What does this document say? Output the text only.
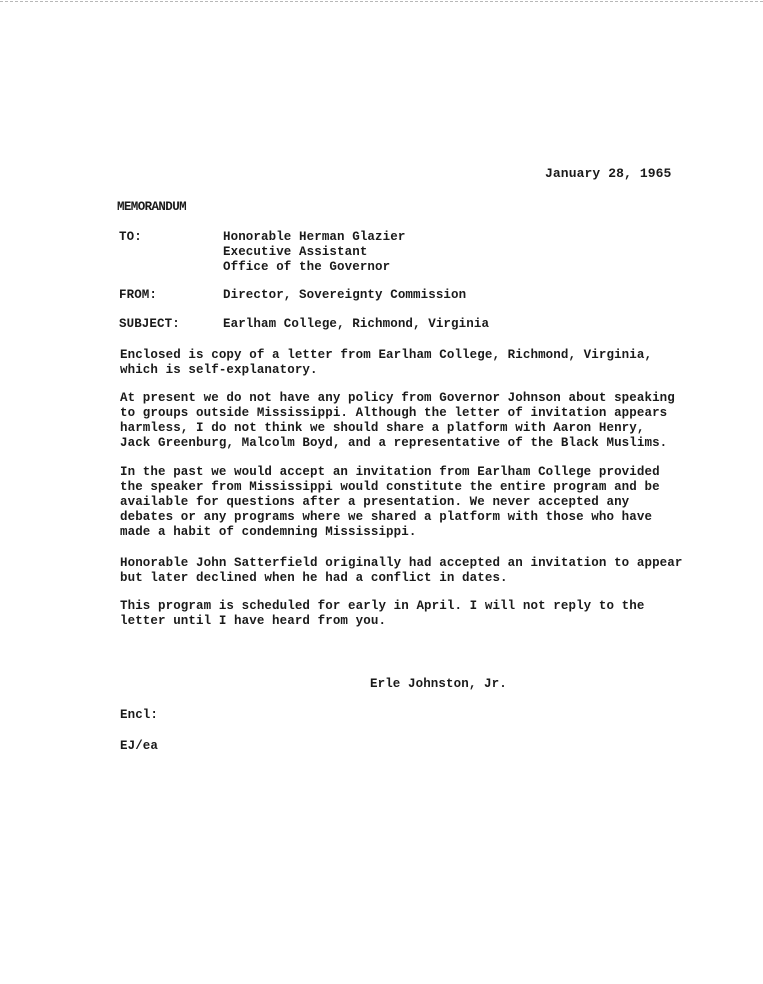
January 28, 1965
MEMORANDUM
TO:	Honorable Herman Glazier
Executive Assistant
Office of the Governor
FROM:	Director, Sovereignty Commission
SUBJECT:	Earlham College, Richmond, Virginia
Enclosed is copy of a letter from Earlham College, Richmond, Virginia,
which is self-explanatory.
At present we do not have any policy from Governor Johnson about speaking
to groups outside Mississippi. Although the letter of invitation appears
harmless, I do not think we should share a platform with Aaron Henry,
Jack Greenburg, Malcolm Boyd, and a representative of the Black Muslims.
In the past we would accept an invitation from Earlham College provided
the speaker from Mississippi would constitute the entire program and be
available for questions after a presentation. We never accepted any
debates or any programs where we shared a platform with those who have
made a habit of condemning Mississippi.
Honorable John Satterfield originally had accepted an invitation to appear
but later declined when he had a conflict in dates.
This program is scheduled for early in April. I will not reply to the
letter until I have heard from you.
Erle Johnston, Jr.
Encl:
EJ/ea
